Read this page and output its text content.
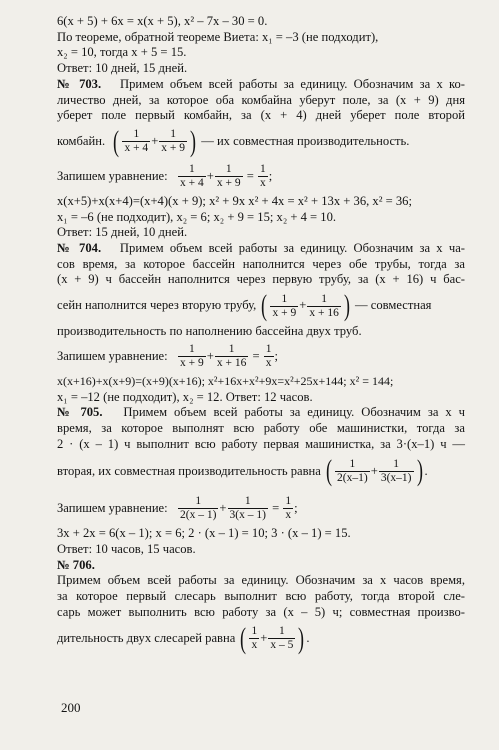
6(x + 5) + 6x = x(x + 5), x² – 7x – 30 = 0.
По теореме, обратной теореме Виета: x₁ = –3 (не подходит),
x₂ = 10, тогда x + 5 = 15.
Ответ: 10 дней, 15 дней.
№ 703. Примем объем всей работы за единицу. Обозначим за x ко-
личество дней, за которое оба комбайна уберут поле, за (x + 9) дня
уберет поле первый комбайн, за (x + 4) дней уберет поле второй
комбайн.
( $\frac{1}{x + 4} + \frac{1}{x + 9}$ )
— их совместная производительность.
Запишем уравнение: $\frac{1}{x + 4} + \frac{1}{x + 9}$
=
$\frac{1}{x}$ ;
x(x+5)+x(x+4)=(x+4)(x + 9); x² + 9x x² + 4x = x² + 13x + 36, x² = 36;
x₁ = –6 (не подходит), x₂ = 6; x₂ + 9 = 15; x₂ + 4 = 10.
Ответ: 15 дней, 10 дней.
№ 704. Примем объем всей работы за единицу. Обозначим за x ча-
сов время, за которое бассейн наполнится через обе трубы, тогда за
(x + 9) ч бассейн наполнится через первую трубу, за (x + 16) ч бас-
сейн наполнится через вторую трубу,
( $\frac{1}{x + 9} + \frac{1}{x + 16}$ )
— совместная
производительность по наполнению бассейна двух труб.
Запишем уравнение: $\frac{1}{x + 9} + \frac{1}{x + 16}$
=
$\frac{1}{x}$ ;
x(x+16)+x(x+9)=(x+9)(x+16); x²+16x+x²+9x=x²+25x+144; x² = 144;
x₁ = –12 (не подходит), x₂ = 12. Ответ: 12 часов.
№ 705. Примем объем всей работы за единицу. Обозначим за x ч
время, за которое выполнят всю работу обе машинистки, тогда за
2 · (x – 1) ч выполнит всю работу первая машинистка, за 3·(x–1) ч —
вторая, их совместная производительность равна
( $\frac{1}{2(x-1)} + \frac{1}{3(x-1)}$ ) .
Запишем уравнение: $\frac{1}{2(x - 1)} + \frac{1}{3(x - 1)}$
=
$\frac{1}{x}$ ;
3x + 2x = 6(x – 1); x = 6; 2 · (x – 1) = 10; 3 · (x – 1) = 15.
Ответ: 10 часов, 15 часов.
№ 706.
Примем объем всей работы за единицу. Обозначим за x часов время,
за которое первый слесарь выполнит всю работу, тогда второй сле-
сарь может выполнить всю работу за (x – 5) ч; совместная произво-
дительность двух слесарей равна
( $\frac{1}{x} + \frac{1}{x - 5}$ ) .
200
